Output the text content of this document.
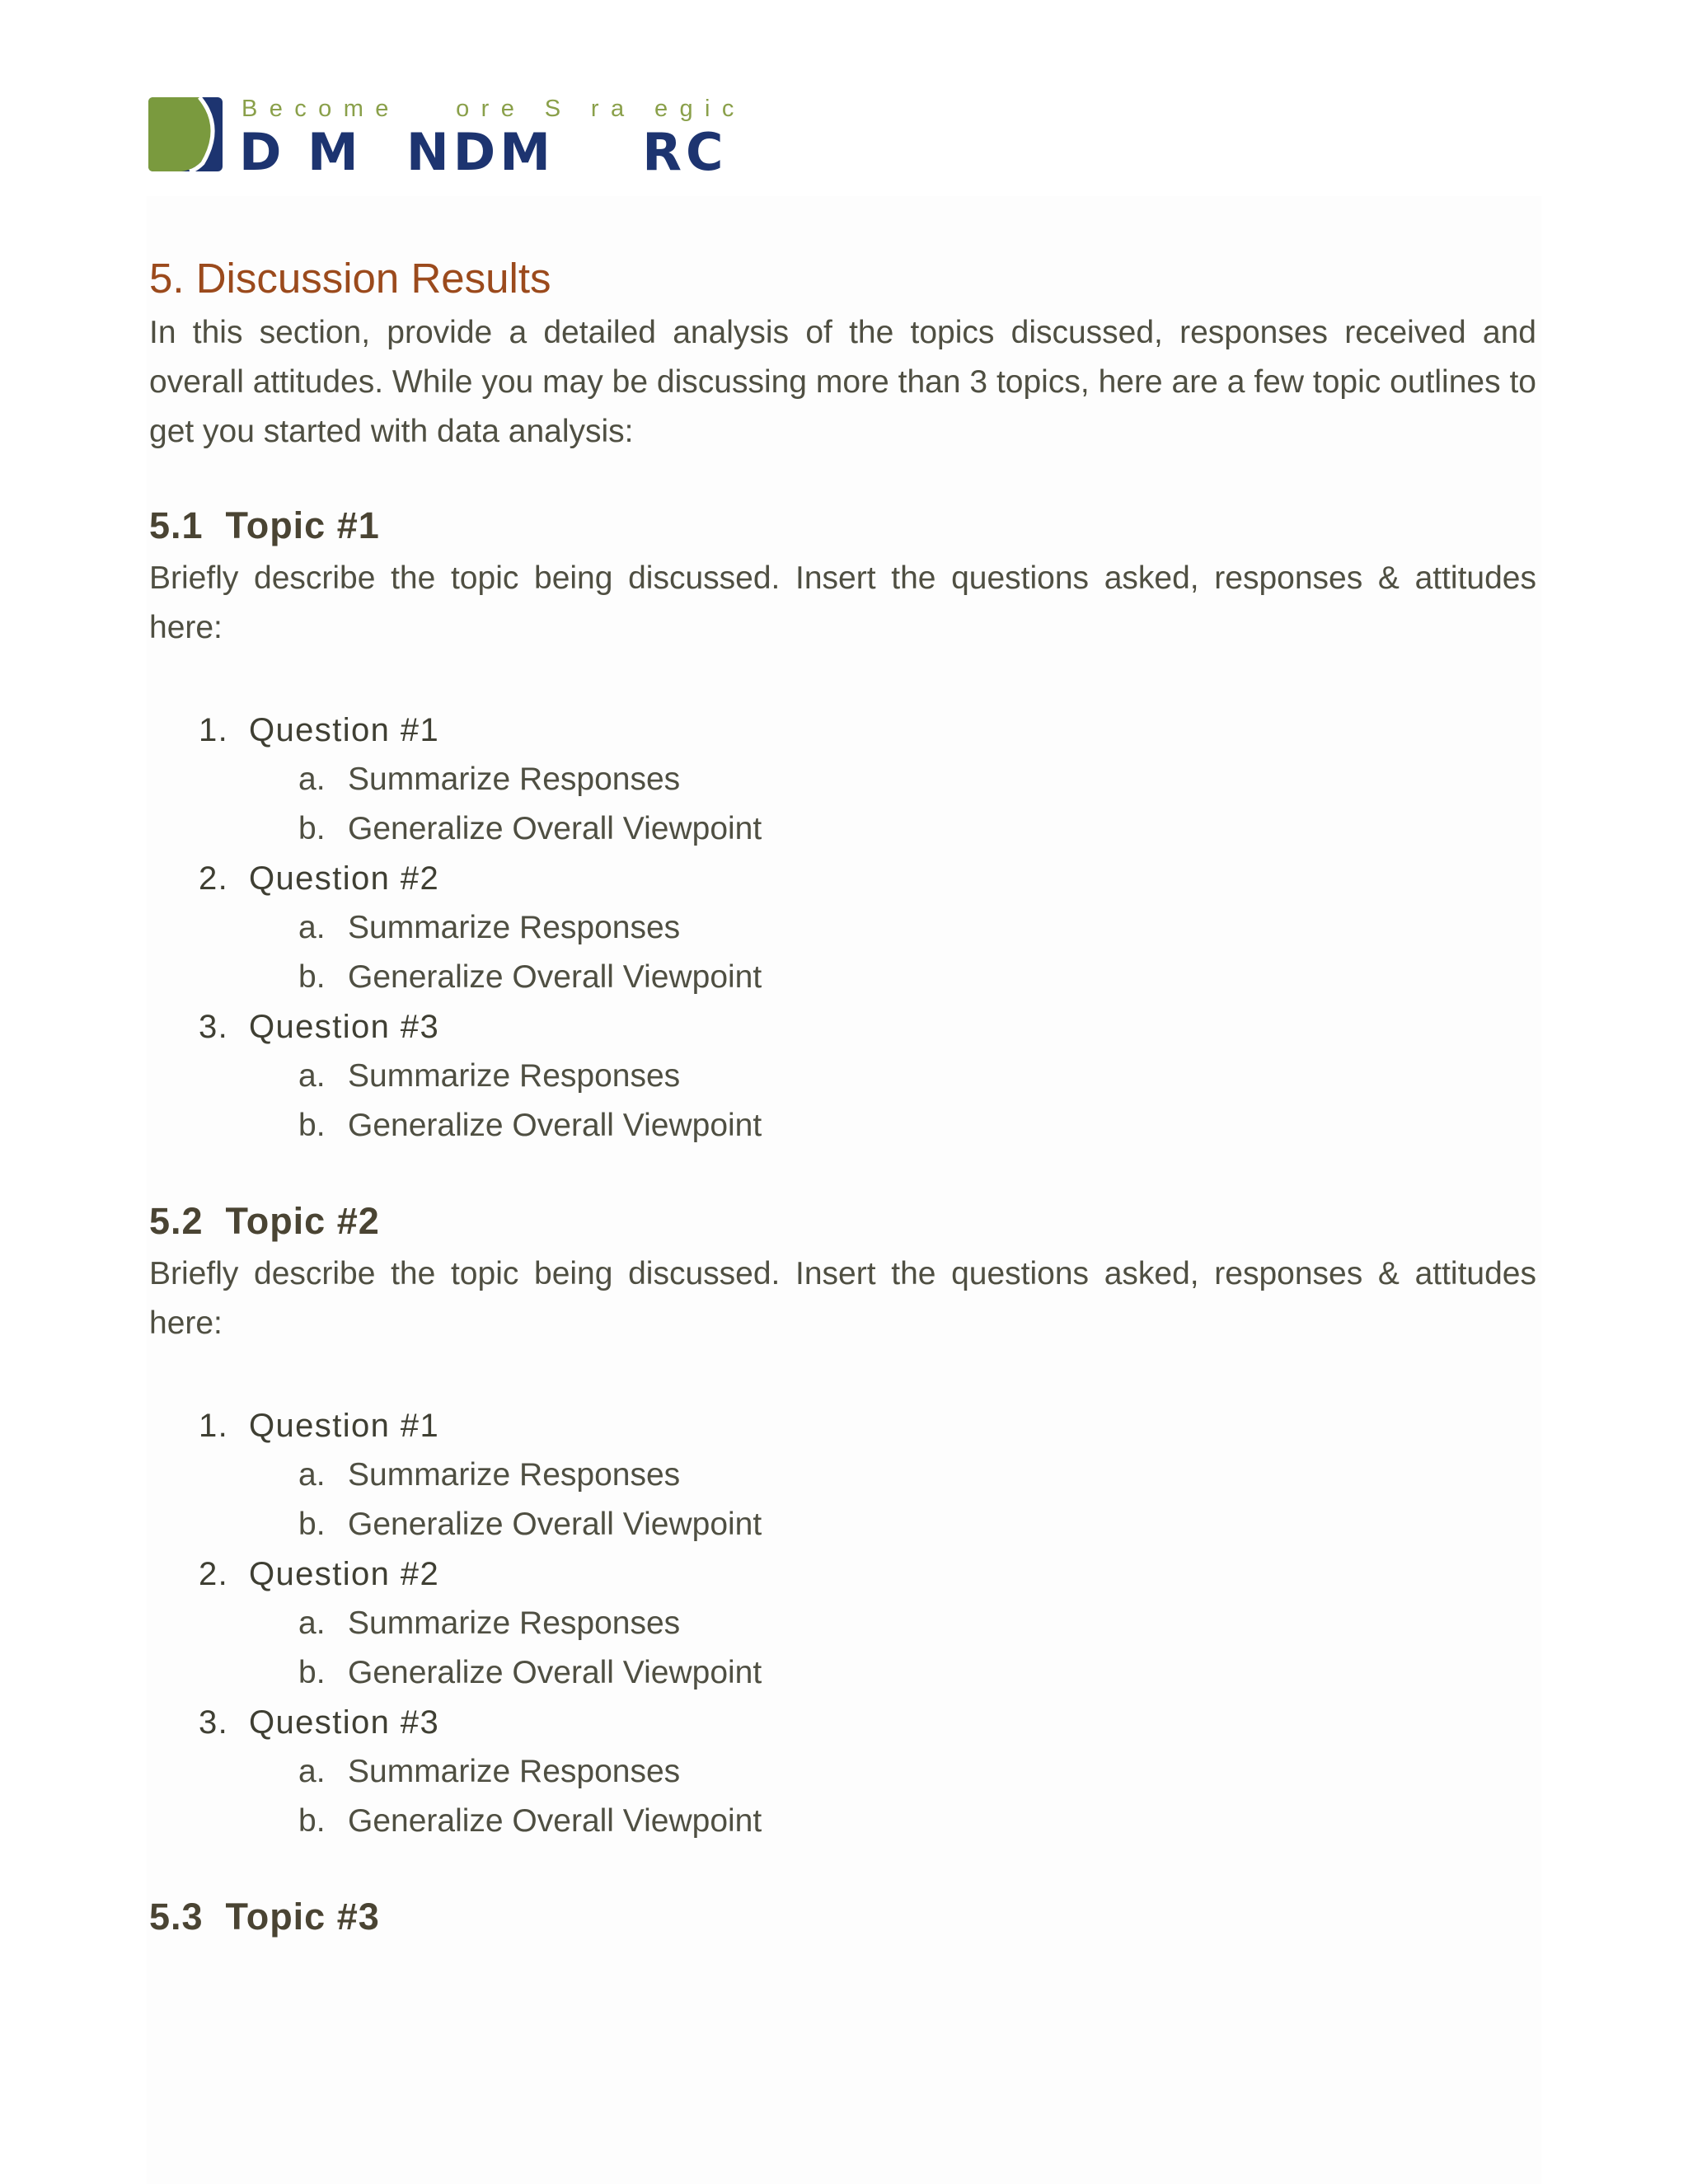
Become   ore S ra egic
D M  NDM    RC
5. Discussion Results

In this section, provide a detailed analysis of the topics discussed, responses received and overall attitudes. While you may be discussing more than 3 topics, here are a few topic outlines to get you started with data analysis:

5.1  Topic #1

Briefly describe the topic being discussed. Insert the questions asked, responses & attitudes here:

1. Question #1
a. Summarize Responses
b. Generalize Overall Viewpoint
2. Question #2
a. Summarize Responses
b. Generalize Overall Viewpoint
3. Question #3
a. Summarize Responses
b. Generalize Overall Viewpoint
5.2  Topic #2

Briefly describe the topic being discussed. Insert the questions asked, responses & attitudes here:

1. Question #1
a. Summarize Responses
b. Generalize Overall Viewpoint
2. Question #2
a. Summarize Responses
b. Generalize Overall Viewpoint
3. Question #3
a. Summarize Responses
b. Generalize Overall Viewpoint
5.3  Topic #3
